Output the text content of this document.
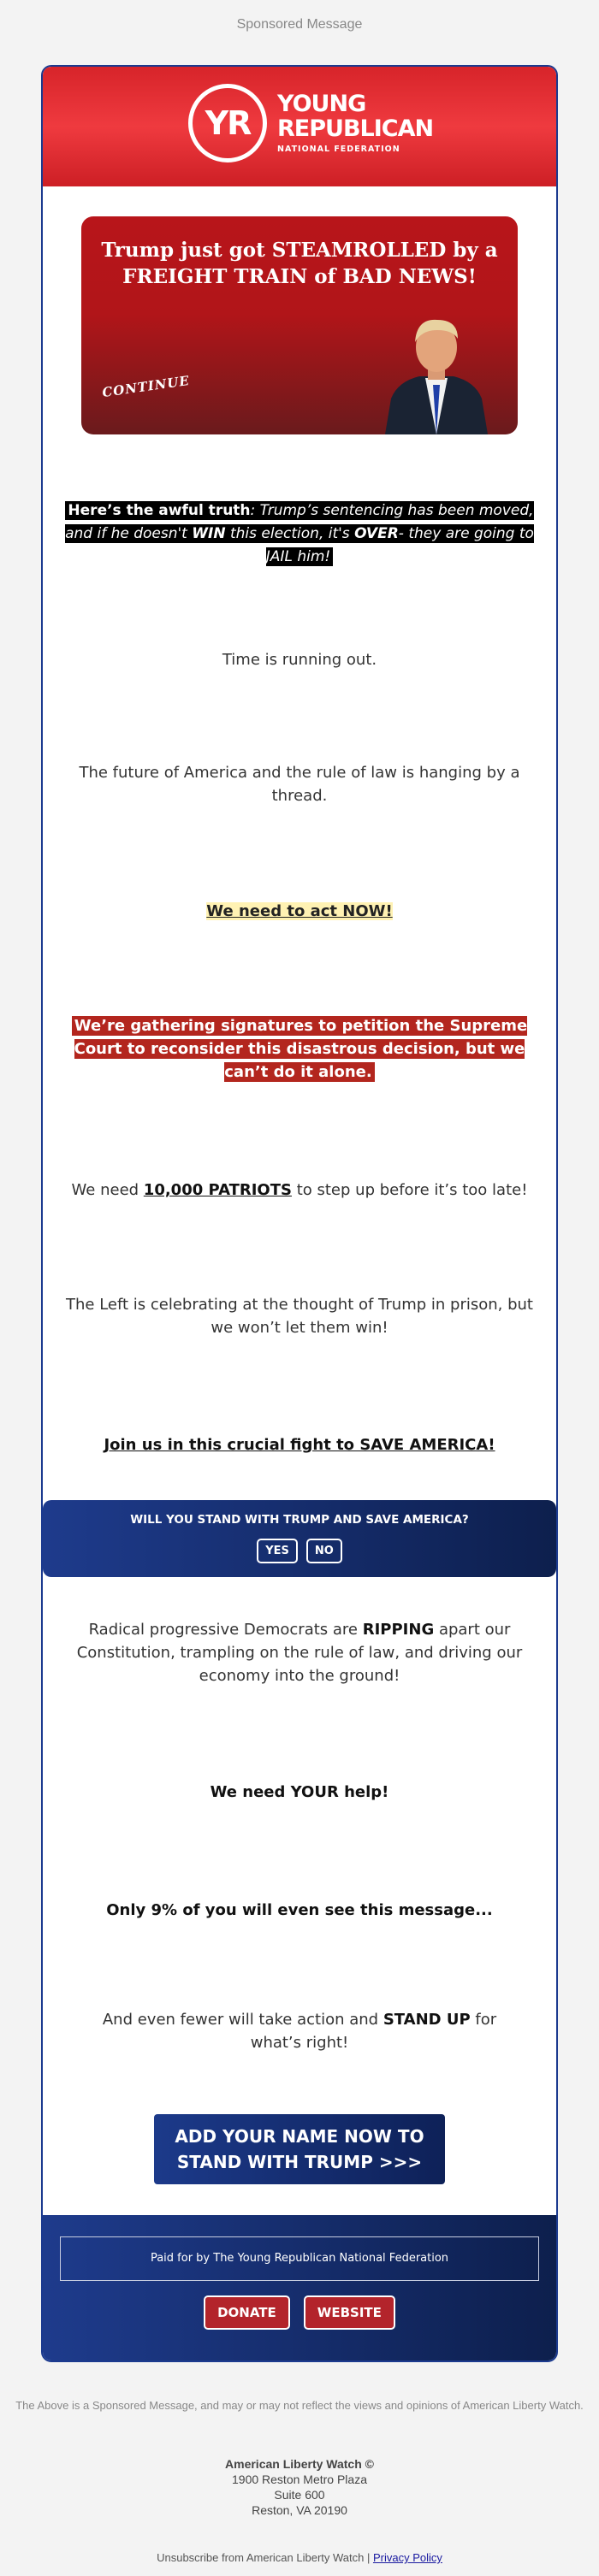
Sponsored Message
YR
YOUNG
REPUBLICAN
NATIONAL FEDERATION
Trump just got STEAMROLLED by a FREIGHT TRAIN of BAD NEWS!
CONTINUE
Here’s the awful truth: Trump’s sentencing has been moved, and if he doesn't WIN this election, it's OVER- they are going to JAIL him!
Time is running out.
The future of America and the rule of law is hanging by a thread.
We need to act NOW!
We’re gathering signatures to petition the Supreme Court to reconsider this disastrous decision, but we can’t do it alone.
We need 10,000 PATRIOTS to step up before it’s too late!
The Left is celebrating at the thought of Trump in prison, but we won’t let them win!
Join us in this crucial fight to SAVE AMERICA!
WILL YOU STAND WITH TRUMP AND SAVE AMERICA?
YES	NO
Radical progressive Democrats are RIPPING apart our Constitution, trampling on the rule of law, and driving our economy into the ground!
We need YOUR help!
Only 9% of you will even see this message...
And even fewer will take action and STAND UP for what’s right!
ADD YOUR NAME NOW TO
STAND WITH TRUMP >>>
Paid for by The Young Republican National Federation
DONATE	WEBSITE
The Above is a Sponsored Message, and may or may not reflect the views and opinions of American Liberty Watch.
American Liberty Watch ©
1900 Reston Metro Plaza
Suite 600
Reston, VA 20190
Unsubscribe from American Liberty Watch | Privacy Policy
